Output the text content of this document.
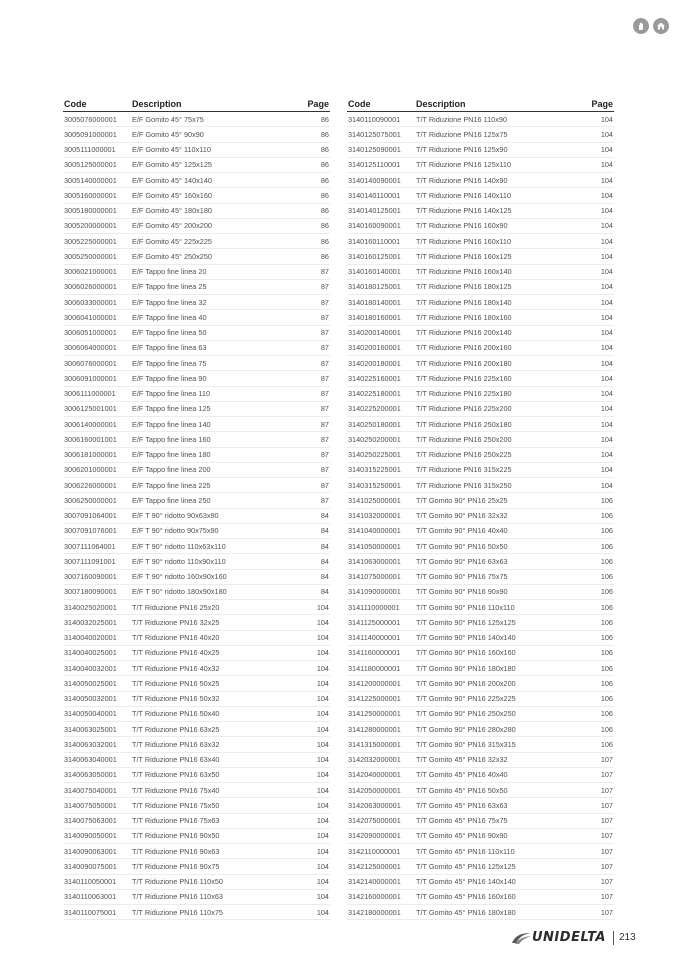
Code	Description	Page
3005076000001	E/F Gomito 45° 75x75	86
3005091000001	E/F Gomito 45° 90x90	86
3005111000001	E/F Gomito 45° 110x110	86
3005125000001	E/F Gomito 45° 125x125	86
3005140000001	E/F Gomito 45° 140x140	86
3005160000001	E/F Gomito 45° 160x160	86
3005180000001	E/F Gomito 45° 180x180	86
3005200000001	E/F Gomito 45° 200x200	86
3005225000001	E/F Gomito 45° 225x225	86
3005250000001	E/F Gomito 45° 250x250	86
3006021000001	E/F Tappo fine linea 20	87
3006026000001	E/F Tappo fine linea 25	87
3006033000001	E/F Tappo fine linea 32	87
3006041000001	E/F Tappo fine linea 40	87
3006051000001	E/F Tappo fine linea 50	87
3006064000001	E/F Tappo fine linea 63	87
3006076000001	E/F Tappo fine linea 75	87
3006091000001	E/F Tappo fine linea 90	87
3006111000001	E/F Tappo fine linea 110	87
3006125001001	E/F Tappo fine linea 125	87
3006140000001	E/F Tappo fine linea 140	87
3006160001001	E/F Tappo fine linea 160	87
3006181000001	E/F Tappo fine linea 180	87
3006201000001	E/F Tappo fine linea 200	87
3006226000001	E/F Tappo fine linea 225	87
3006250000001	E/F Tappo fine linea 250	87
3007091064001	E/F T 90° ridotto 90x63x90	84
3007091076001	E/F T 90° ridotto 90x75x90	84
3007111064001	E/F T 90° ridotto 110x63x110	84
3007111091001	E/F T 90° ridotto 110x90x110	84
3007160090001	E/F T 90° ridotto 160x90x160	84
3007180090001	E/F T 90° ridotto 180x90x180	84
3140025020001	T/T Riduzione PN16 25x20	104
3140032025001	T/T Riduzione PN16 32x25	104
3140040020001	T/T Riduzione PN16 40x20	104
3140040025001	T/T Riduzione PN16 40x25	104
3140040032001	T/T Riduzione PN16 40x32	104
3140050025001	T/T Riduzione PN16 50x25	104
3140050032001	T/T Riduzione PN16 50x32	104
3140050040001	T/T Riduzione PN16 50x40	104
3140063025001	T/T Riduzione PN16 63x25	104
3140063032001	T/T Riduzione PN16 63x32	104
3140063040001	T/T Riduzione PN16 63x40	104
3140063050001	T/T Riduzione PN16 63x50	104
3140075040001	T/T Riduzione PN16 75x40	104
3140075050001	T/T Riduzione PN16 75x50	104
3140075063001	T/T Riduzione PN16 75x63	104
3140090050001	T/T Riduzione PN16 90x50	104
3140090063001	T/T Riduzione PN16 90x63	104
3140090075001	T/T Riduzione PN16 90x75	104
3140110050001	T/T Riduzione PN16 110x50	104
3140110063001	T/T Riduzione PN16 110x63	104
3140110075001	T/T Riduzione PN16 110x75	104
Code	Description	Page
3140110090001	T/T Riduzione PN16 110x90	104
3140125075001	T/T Riduzione PN16 125x75	104
3140125090001	T/T Riduzione PN16 125x90	104
3140125110001	T/T Riduzione PN16 125x110	104
3140140090001	T/T Riduzione PN16 140x90	104
3140140110001	T/T Riduzione PN16 140x110	104
3140140125001	T/T Riduzione PN16 140x125	104
3140160090001	T/T Riduzione PN16 160x90	104
3140160110001	T/T Riduzione PN16 160x110	104
3140160125001	T/T Riduzione PN16 160x125	104
3140160140001	T/T Riduzione PN16 160x140	104
3140180125001	T/T Riduzione PN16 180x125	104
3140180140001	T/T Riduzione PN16 180x140	104
3140180160001	T/T Riduzione PN16 180x160	104
3140200140001	T/T Riduzione PN16 200x140	104
3140200160001	T/T Riduzione PN16 200x160	104
3140200180001	T/T Riduzione PN16 200x180	104
3140225160001	T/T Riduzione PN16 225x160	104
3140225180001	T/T Riduzione PN16 225x180	104
3140225200001	T/T Riduzione PN16 225x200	104
3140250180001	T/T Riduzione PN16 250x180	104
3140250200001	T/T Riduzione PN16 250x200	104
3140250225001	T/T Riduzione PN16 250x225	104
3140315225001	T/T Riduzione PN16 315x225	104
3140315250001	T/T Riduzione PN16 315x250	104
3141025000001	T/T Gomito 90° PN16 25x25	106
3141032000001	T/T Gomito 90° PN16 32x32	106
3141040000001	T/T Gomito 90° PN16 40x40	106
3141050000001	T/T Gomito 90° PN16 50x50	106
3141063000001	T/T Gomito 90° PN16 63x63	106
3141075000001	T/T Gomito 90° PN16 75x75	106
3141090000001	T/T Gomito 90° PN16 90x90	106
3141110000001	T/T Gomito 90° PN16 110x110	106
3141125000001	T/T Gomito 90° PN16 125x125	106
3141140000001	T/T Gomito 90° PN16 140x140	106
3141160000001	T/T Gomito 90° PN16 160x160	106
3141180000001	T/T Gomito 90° PN16 180x180	106
3141200000001	T/T Gomito 90° PN16 200x200	106
3141225000001	T/T Gomito 90° PN16 225x225	106
3141250000001	T/T Gomito 90° PN16 250x250	106
3141280000001	T/T Gomito 90° PN16 280x280	106
3141315000001	T/T Gomito 90° PN16 315x315	106
3142032000001	T/T Gomito 45° PN16 32x32	107
3142040000001	T/T Gomito 45° PN16 40x40	107
3142050000001	T/T Gomito 45° PN16 50x50	107
3142063000001	T/T Gomito 45° PN16 63x63	107
3142075000001	T/T Gomito 45° PN16 75x75	107
3142090000001	T/T Gomito 45° PN16 90x90	107
3142110000001	T/T Gomito 45° PN16 110x110	107
3142125000001	T/T Gomito 45° PN16 125x125	107
3142140000001	T/T Gomito 45° PN16 140x140	107
3142160000001	T/T Gomito 45° PN16 160x160	107
3142180000001	T/T Gomito 45° PN16 180x180	107
UNIDELTA 213
